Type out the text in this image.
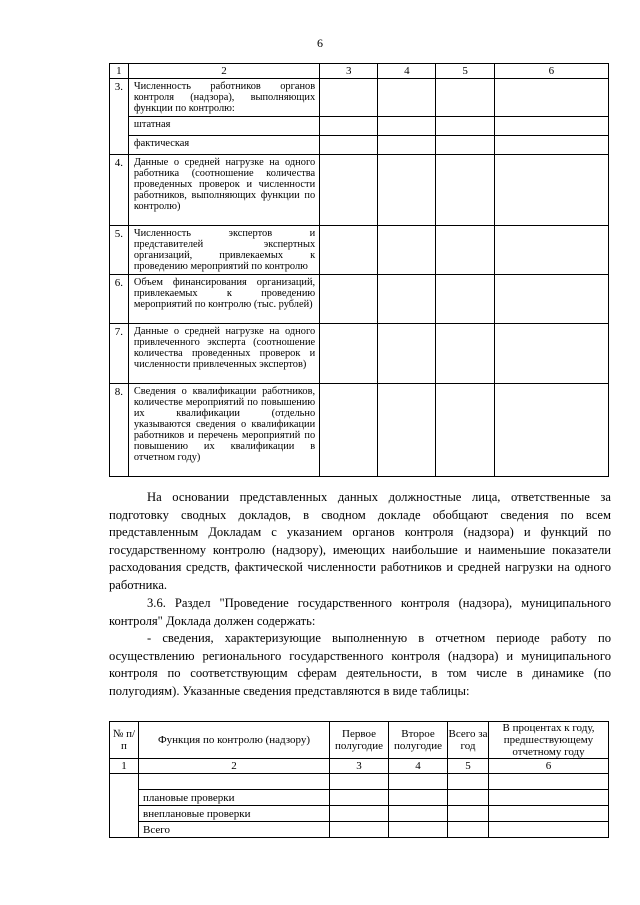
6
1	2	3	4	5	6
3.	Численность работников органов контроля (надзора), выполняющих функции по контролю:				
	штатная				
	фактическая				
4.	Данные о средней нагрузке на одного работника (соотношение количества проведенных проверок и численности работников, выполняющих функции по контролю)				
5.	Численность экспертов и представителей экспертных организаций, привлекаемых к проведению мероприятий по контролю				
6.	Объем финансирования организаций, привлекаемых к проведению мероприятий по контролю (тыс. рублей)				
7.	Данные о средней нагрузке на одного привлеченного эксперта (соотношение количества проведенных проверок и численности привлеченных экспертов)				
8.	Сведения о квалификации работников, количестве мероприятий по повышению их квалификации (отдельно указываются сведения о квалификации работников и перечень мероприятий по повышению их квалификации в отчетном году)				
На основании представленных данных должностные лица, ответственные за подготовку сводных докладов, в сводном докладе обобщают сведения по всем представленным Докладам с указанием органов контроля (надзора) и функций по государственному контролю (надзору), имеющих наибольшие и наименьшие показатели расходования средств, фактической численности работников и средней нагрузки на одного работника.
3.6. Раздел "Проведение государственного контроля (надзора), муниципального контроля" Доклада должен содержать:
- сведения, характеризующие выполненную в отчетном периоде работу по осуществлению регионального государственного контроля (надзора) и муниципального контроля по соответствующим сферам деятельности, в том числе в динамике (по полугодиям). Указанные сведения представляются в виде таблицы:
№ п/п	Функция по контролю (надзору)	Первое полугодие	Второе полугодие	Всего за год	В процентах к году, предшествующему отчетному году
1	2	3	4	5	6

	плановые проверки				
	внеплановые проверки				
	Всего				
